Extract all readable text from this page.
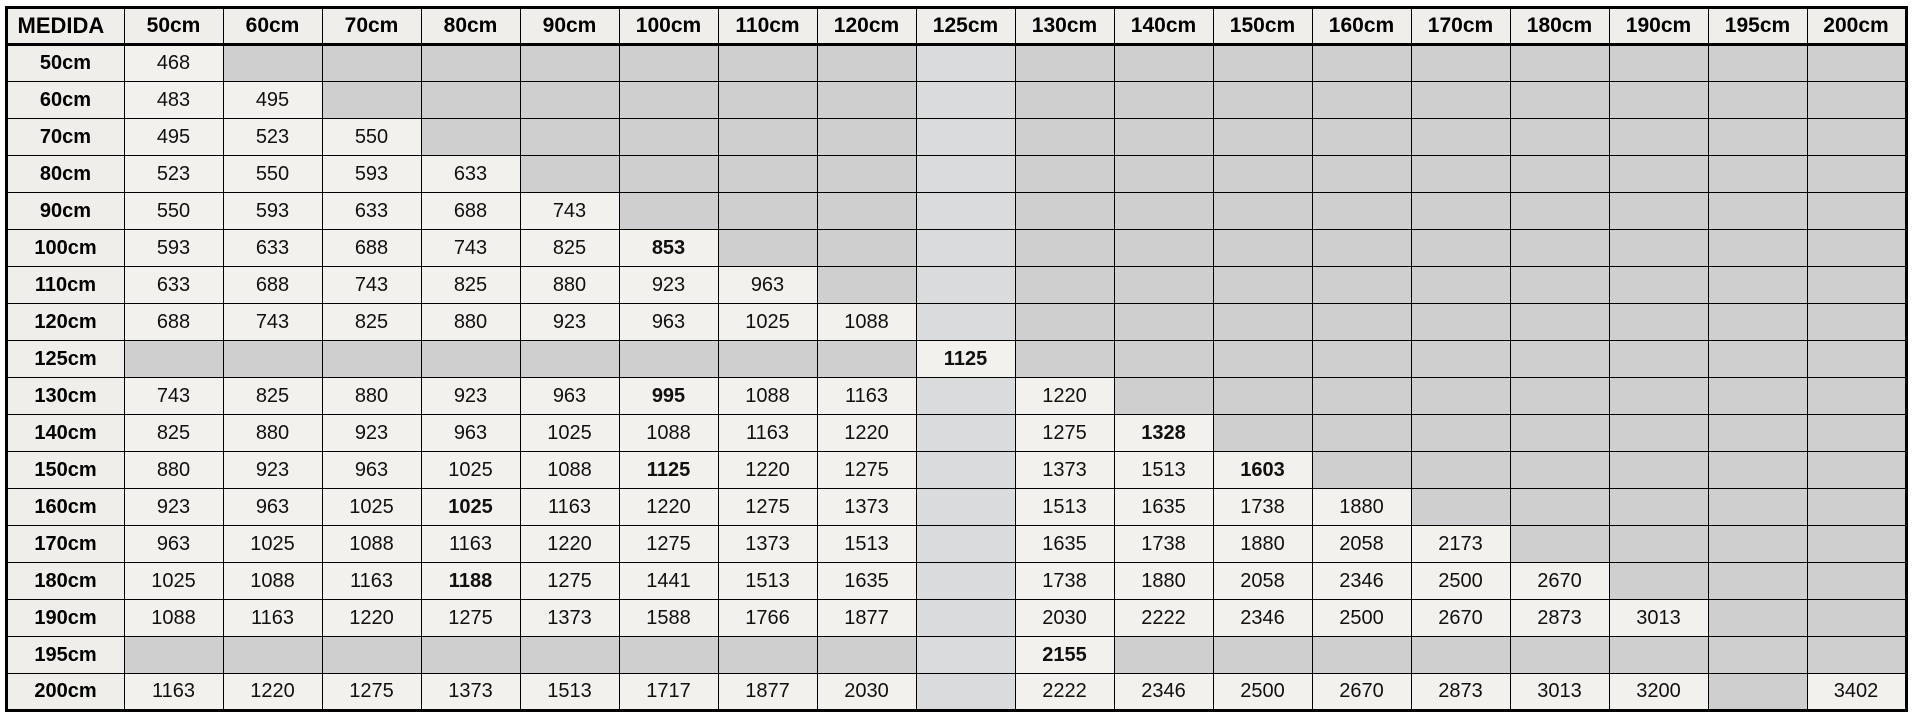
MEDIDA	50cm	60cm	70cm	80cm	90cm	100cm	110cm	120cm	125cm	130cm	140cm	150cm	160cm	170cm	180cm	190cm	195cm	200cm
50cm	468																	
60cm	483	495																
70cm	495	523	550															
80cm	523	550	593	633														
90cm	550	593	633	688	743													
100cm	593	633	688	743	825	853												
110cm	633	688	743	825	880	923	963											
120cm	688	743	825	880	923	963	1025	1088										
125cm									1125									
130cm	743	825	880	923	963	995	1088	1163		1220								
140cm	825	880	923	963	1025	1088	1163	1220		1275	1328							
150cm	880	923	963	1025	1088	1125	1220	1275		1373	1513	1603						
160cm	923	963	1025	1025	1163	1220	1275	1373		1513	1635	1738	1880					
170cm	963	1025	1088	1163	1220	1275	1373	1513		1635	1738	1880	2058	2173				
180cm	1025	1088	1163	1188	1275	1441	1513	1635		1738	1880	2058	2346	2500	2670			
190cm	1088	1163	1220	1275	1373	1588	1766	1877		2030	2222	2346	2500	2670	2873	3013		
195cm										2155								
200cm	1163	1220	1275	1373	1513	1717	1877	2030		2222	2346	2500	2670	2873	3013	3200		3402
